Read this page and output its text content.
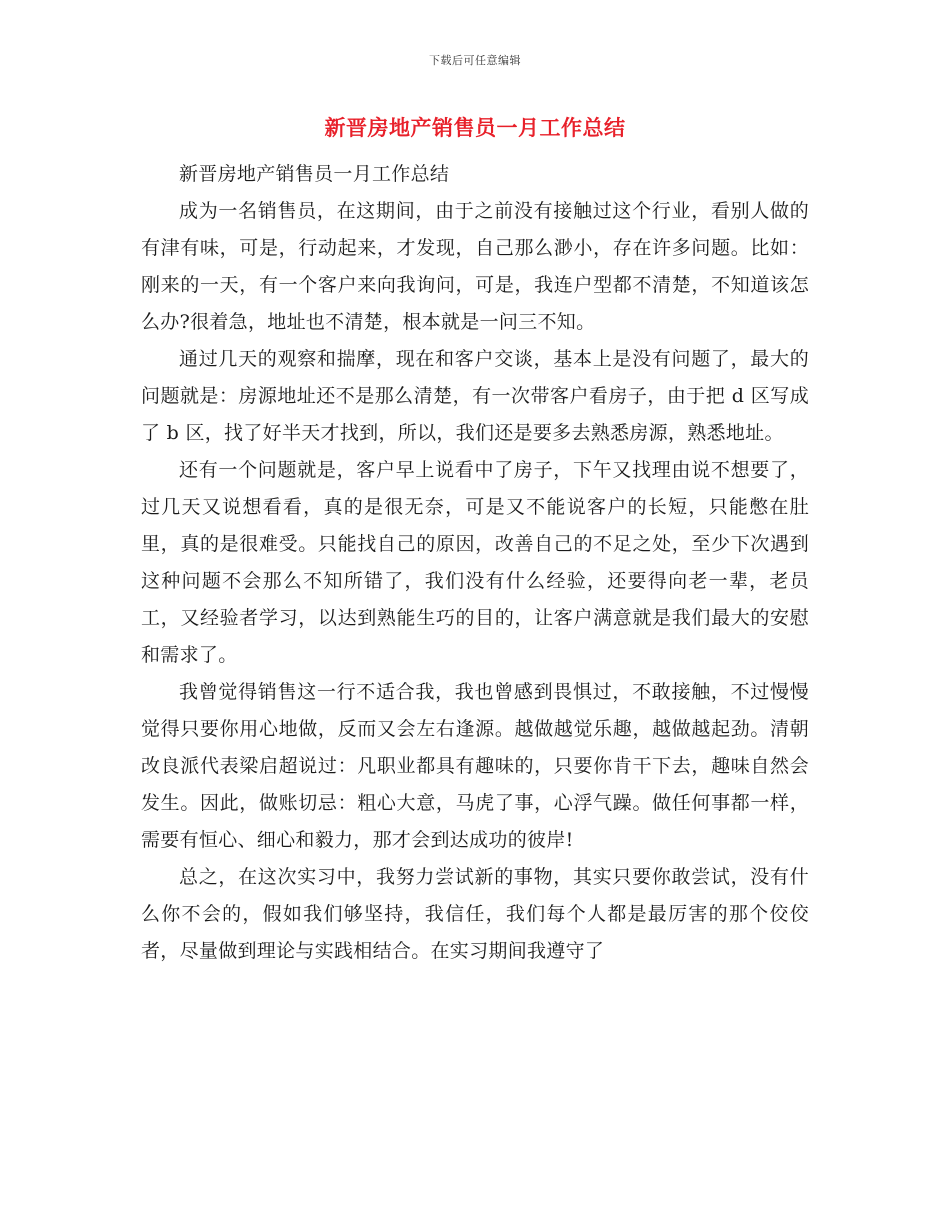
下载后可任意编辑
新晋房地产销售员一月工作总结

新晋房地产销售员一月工作总结

成为一名销售员，在这期间，由于之前没有接触过这个行业，看别人做的有津有味，可是，行动起来，才发现，自己那么渺小，存在许多问题。比如：刚来的一天，有一个客户来向我询问，可是，我连户型都不清楚，不知道该怎么办?很着急，地址也不清楚，根本就是一问三不知。

通过几天的观察和揣摩，现在和客户交谈，基本上是没有问题了，最大的问题就是：房源地址还不是那么清楚，有一次带客户看房子，由于把 d 区写成了 b 区，找了好半天才找到，所以，我们还是要多去熟悉房源，熟悉地址。

还有一个问题就是，客户早上说看中了房子，下午又找理由说不想要了，过几天又说想看看，真的是很无奈，可是又不能说客户的长短，只能憋在肚里，真的是很难受。只能找自己的原因，改善自己的不足之处，至少下次遇到这种问题不会那么不知所错了，我们没有什么经验，还要得向老一辈，老员工，又经验者学习，以达到熟能生巧的目的，让客户满意就是我们最大的安慰和需求了。

我曾觉得销售这一行不适合我，我也曾感到畏惧过，不敢接触，不过慢慢觉得只要你用心地做，反而又会左右逢源。越做越觉乐趣，越做越起劲。清朝改良派代表梁启超说过：凡职业都具有趣味的，只要你肯干下去，趣味自然会发生。因此，做账切忌：粗心大意，马虎了事，心浮气躁。做任何事都一样，需要有恒心、细心和毅力，那才会到达成功的彼岸!

总之，在这次实习中，我努力尝试新的事物，其实只要你敢尝试，没有什么你不会的，假如我们够坚持，我信任，我们每个人都是最厉害的那个佼佼者，尽量做到理论与实践相结合。在实习期间我遵守了
